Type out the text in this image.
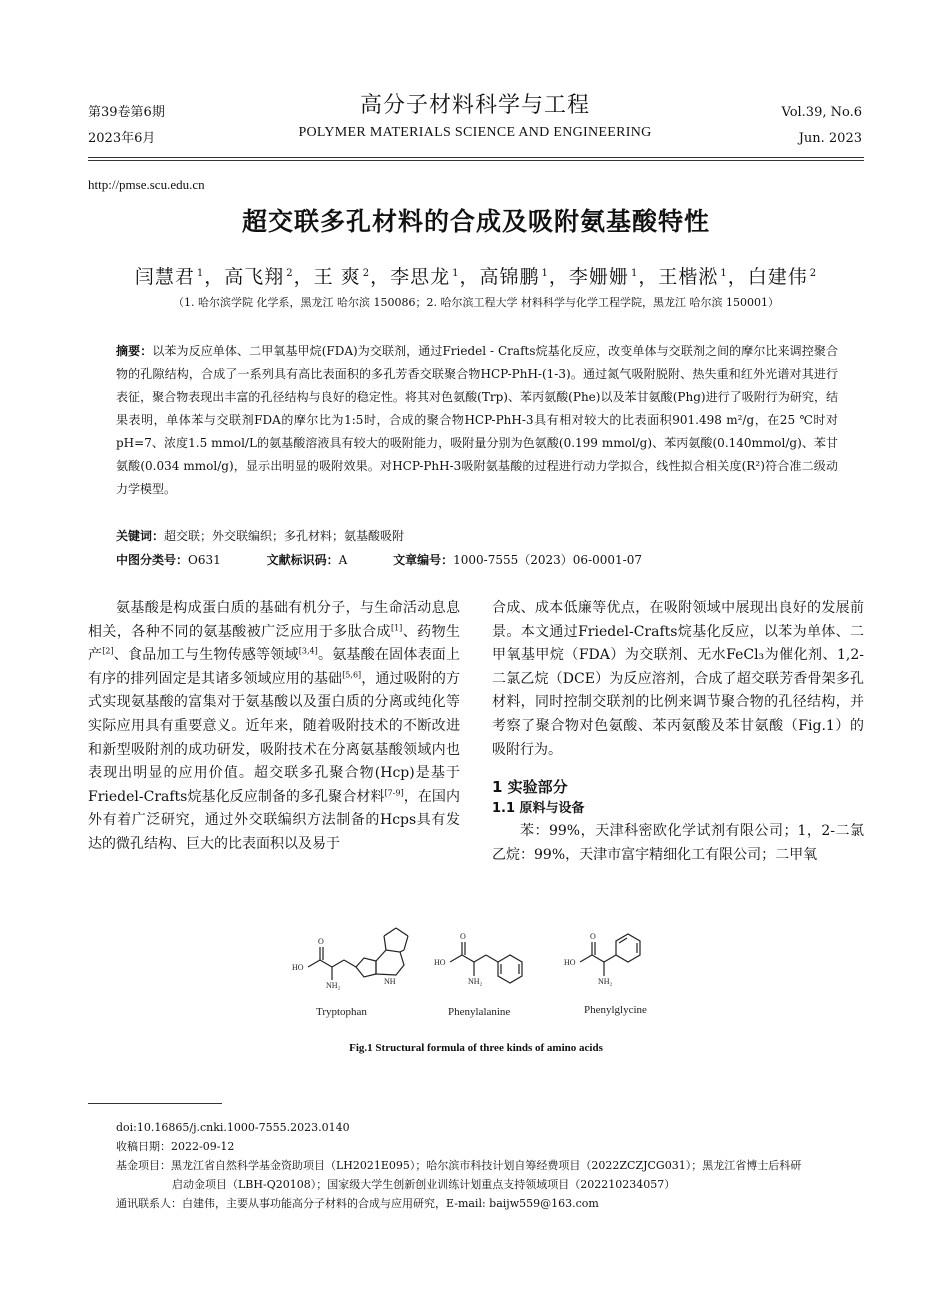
第39卷第6期
2023年6月
高分子材料科学与工程
POLYMER MATERIALS SCIENCE AND ENGINEERING
Vol.39, No.6
Jun. 2023
http://pmse.scu.edu.cn
超交联多孔材料的合成及吸附氨基酸特性
闫慧君 $^1$，高飞翔 $^2$，王 爽 $^2$，李思龙 $^1$，高锦鹏 $^1$，李姗姗 $^1$，王楷淞 $^1$，白建伟 $^2$
（1. 哈尔滨学院 化学系，黑龙江 哈尔滨 150086；2. 哈尔滨工程大学 材料科学与化学工程学院，黑龙江 哈尔滨 150001）
摘要：以苯为反应单体、二甲氧基甲烷(FDA)为交联剂，通过Friedel - Crafts烷基化反应，改变单体与交联剂之间的摩尔比来调控聚合物的孔隙结构，合成了一系列具有高比表面积的多孔芳香交联聚合物HCP-PhH-(1-3)。通过氮气吸附脱附、热失重和红外光谱对其进行表征，聚合物表现出丰富的孔径结构与良好的稳定性。将其对色氨酸(Trp)、苯丙氨酸(Phe)以及苯甘氨酸(Phg)进行了吸附行为研究，结果表明，单体苯与交联剂FDA的摩尔比为1:5时，合成的聚合物HCP-PhH-3具有相对较大的比表面积901.498 m²/g，在25 ℃时对pH=7、浓度1.5 mmol/L的氨基酸溶液具有较大的吸附能力，吸附量分别为色氨酸(0.199 mmol/g)、苯丙氨酸(0.140mmol/g)、苯甘氨酸(0.034 mmol/g)，显示出明显的吸附效果。对HCP-PhH-3吸附氨基酸的过程进行动力学拟合，线性拟合相关度(R²)符合准二级动力学模型。
关键词：超交联；外交联编织；多孔材料；氨基酸吸附
中图分类号：O631	文献标识码：A	文章编号：1000-7555（2023）06-0001-07
氨基酸是构成蛋白质的基础有机分子，与生命活动息息相关，各种不同的氨基酸被广泛应用于多肽合成[1]、药物生产[2]、食品加工与生物传感等领域[3,4]。氨基酸在固体表面上有序的排列固定是其诸多领域应用的基础[5,6]，通过吸附的方式实现氨基酸的富集对于氨基酸以及蛋白质的分离或纯化等实际应用具有重要意义。近年来，随着吸附技术的不断改进和新型吸附剂的成功研发，吸附技术在分离氨基酸领域内也表现出明显的应用价值。超交联多孔聚合物(Hcp)是基于Friedel-Crafts烷基化反应制备的多孔聚合材料[7-9]，在国内外有着广泛研究，通过外交联编织方法制备的Hcps具有发达的微孔结构、巨大的比表面积以及易于
合成、成本低廉等优点，在吸附领域中展现出良好的发展前景。本文通过Friedel-Crafts烷基化反应，以苯为单体、二甲氧基甲烷（FDA）为交联剂、无水FeCl₃为催化剂、1,2-二氯乙烷（DCE）为反应溶剂，合成了超交联芳香骨架多孔材料，同时控制交联剂的比例来调节聚合物的孔径结构，并考察了聚合物对色氨酸、苯丙氨酸及苯甘氨酸（Fig.1）的吸附行为。
1 实验部分
1.1 原料与设备
苯：99%，天津科密欧化学试剂有限公司；1，2-二氯乙烷：99%，天津市富宇精细化工有限公司；二甲氧
HO
O
NH₂	NH
HO
O
NH₂
HO
O
NH₂
Tryptophan	Phenylalanine	Phenylglycine
Fig.1 Structural formula of three kinds of amino acids
doi:10.16865/j.cnki.1000-7555.2023.0140
收稿日期：2022-09-12
基金项目：黑龙江省自然科学基金资助项目（LH2021E095）；哈尔滨市科技计划自筹经费项目（2022ZCZJCG031）；黑龙江省博士后科研
启动金项目（LBH-Q20108）；国家级大学生创新创业训练计划重点支持领域项目（202210234057）
通讯联系人：白建伟，主要从事功能高分子材料的合成与应用研究，E-mail: baijw559@163.com
